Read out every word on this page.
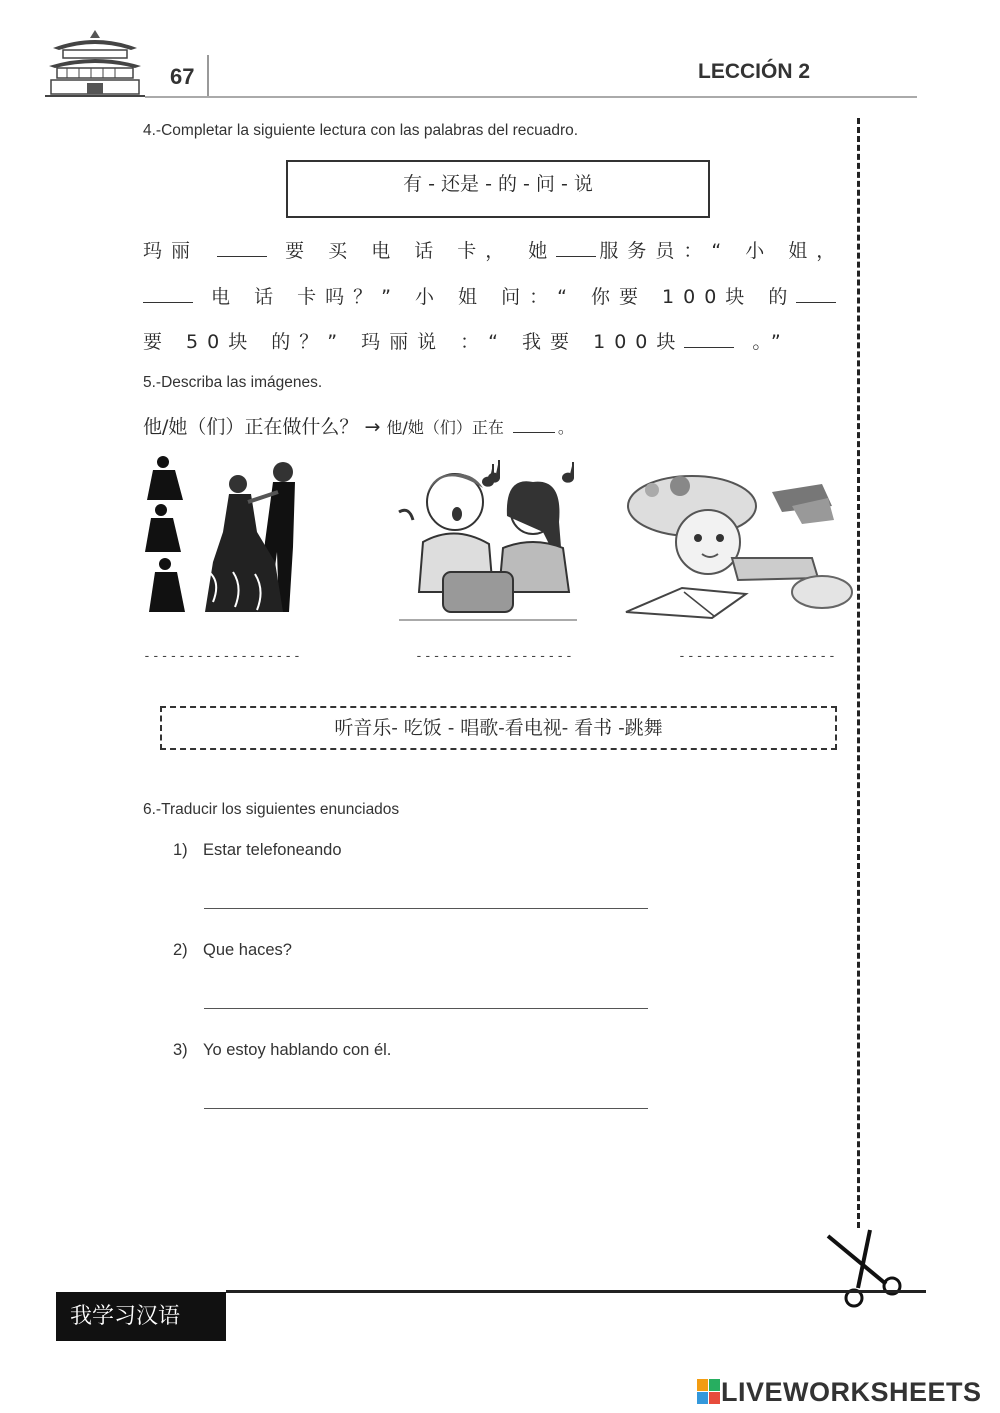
67	LECCIÓN 2
4.-Completar la siguiente lectura con las palabras del recuadro.
有 - 还是 - 的 - 问 - 说
玛丽	要 买 电 话 卡， 她 服务员：“ 小 姐，
电 话 卡吗？” 小 姐 问：“ 你要 100块 的
要 50块 的？” 玛丽说 ：“ 我要 100块	。”
5.-Describa las imágenes.
他/她（们）正在做什么？ → 他/她（们）正在	。
------------------	------------------	------------------
听音乐- 吃饭 - 唱歌-看电视- 看书 -跳舞
6.-Traducir los siguientes enunciados
1) Estar telefoneando
2) Que haces?
3) Yo estoy hablando con él.
我学习汉语
LIVEWORKSHEETS
